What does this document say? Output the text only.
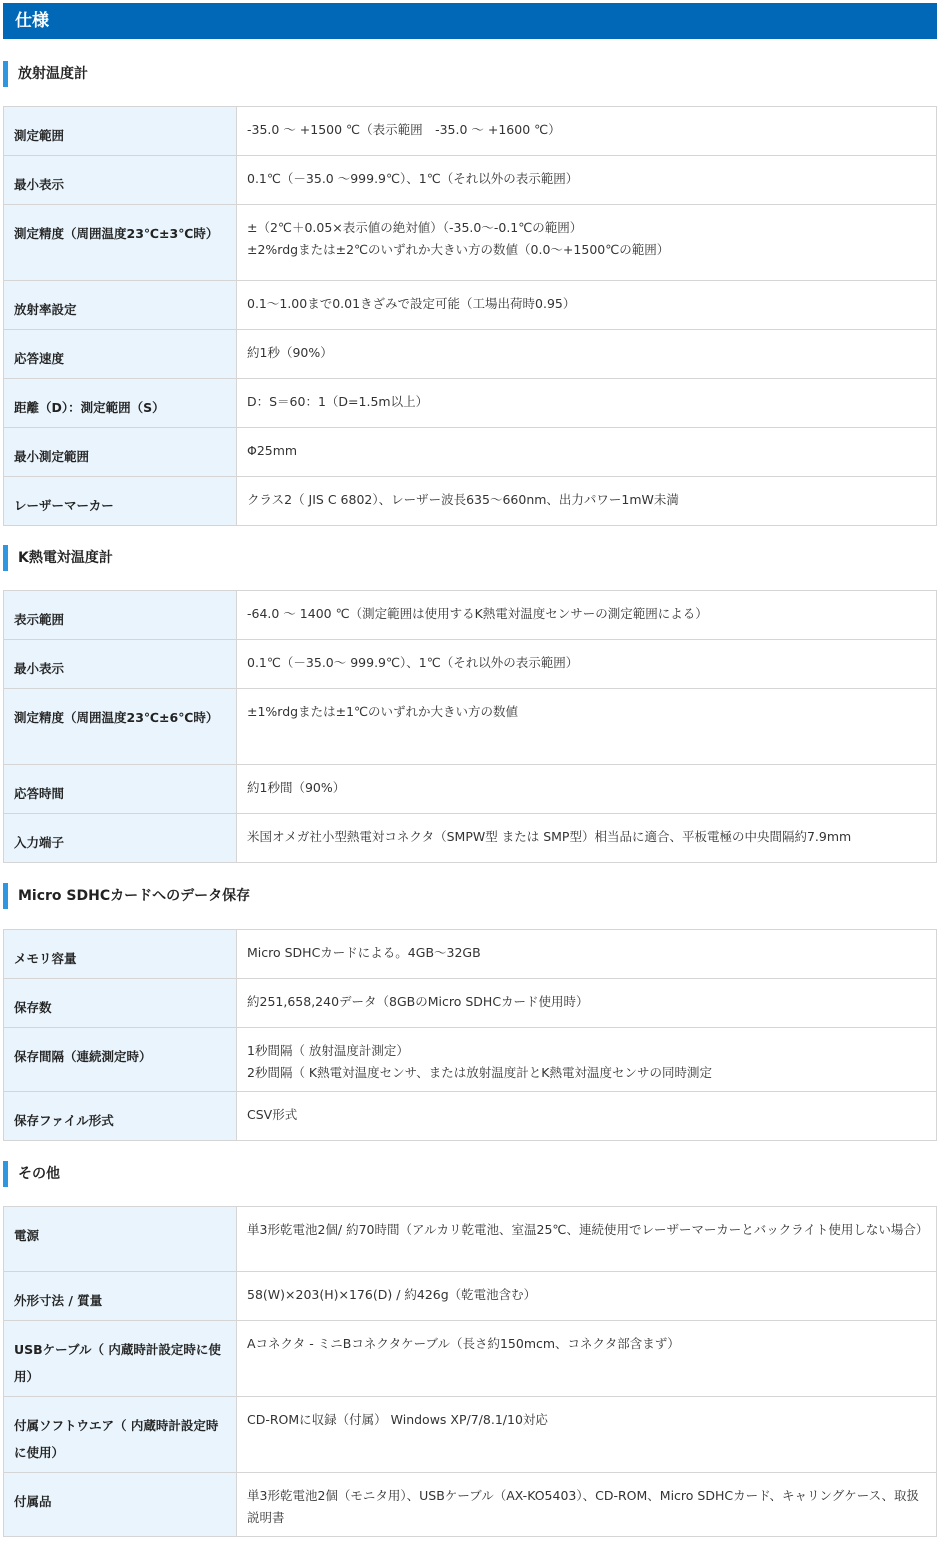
仕様
放射温度計
測定範囲	-35.0 ～ +1500 ℃（表示範囲　-35.0 ～ +1600 ℃）
最小表示	0.1℃（－35.0 ～999.9℃）、1℃（それ以外の表示範囲）
測定精度（周囲温度23℃±3℃時）	±（2℃＋0.05×表示値の絶対値）（-35.0～-0.1℃の範囲）
±2%rdgまたは±2℃のいずれか大きい方の数値（0.0～+1500℃の範囲）
放射率設定	0.1～1.00まで0.01きざみで設定可能（工場出荷時0.95）
応答速度	約1秒（90%）
距離（D）：測定範囲（S）	D：S＝60：1（D=1.5m以上）
最小測定範囲	Φ25mm
レーザーマーカー	クラス2（ JIS C 6802）、レーザー波長635～660nm、出力パワー1mW未満
K熱電対温度計
表示範囲	-64.0 ～ 1400 ℃（測定範囲は使用するK熱電対温度センサーの測定範囲による）
最小表示	0.1℃（－35.0～ 999.9℃）、1℃（それ以外の表示範囲）
測定精度（周囲温度23℃±6℃時）	±1%rdgまたは±1℃のいずれか大きい方の数値
応答時間	約1秒間（90%）
入力端子	米国オメガ社小型熱電対コネクタ（SMPW型 または SMP型）相当品に適合、平板電極の中央間隔約7.9mm
Micro SDHCカードへのデータ保存
メモリ容量	Micro SDHCカードによる。4GB～32GB
保存数	約251,658,240データ（8GBのMicro SDHCカード使用時）
保存間隔（連続測定時）	1秒間隔（ 放射温度計測定）
2秒間隔（ K熱電対温度センサ、または放射温度計とK熱電対温度センサの同時測定
保存ファイル形式	CSV形式
その他
電源	単3形乾電池2個/ 約70時間（アルカリ乾電池、室温25℃、連続使用でレーザーマーカーとバックライト使用しない場合）
外形寸法 / 質量	58(W)×203(H)×176(D) / 約426g（乾電池含む）
USBケーブル（ 内蔵時計設定時に使用）	Aコネクタ - ミニBコネクタケーブル（長さ約150mcm、コネクタ部含まず）
付属ソフトウエア（ 内蔵時計設定時に使用）	CD-ROMに収録（付属） Windows XP/7/8.1/10対応
付属品	単3形乾電池2個（モニタ用）、USBケーブル（AX-KO5403）、CD-ROM、Micro SDHCカード、キャリングケース、取扱説明書
